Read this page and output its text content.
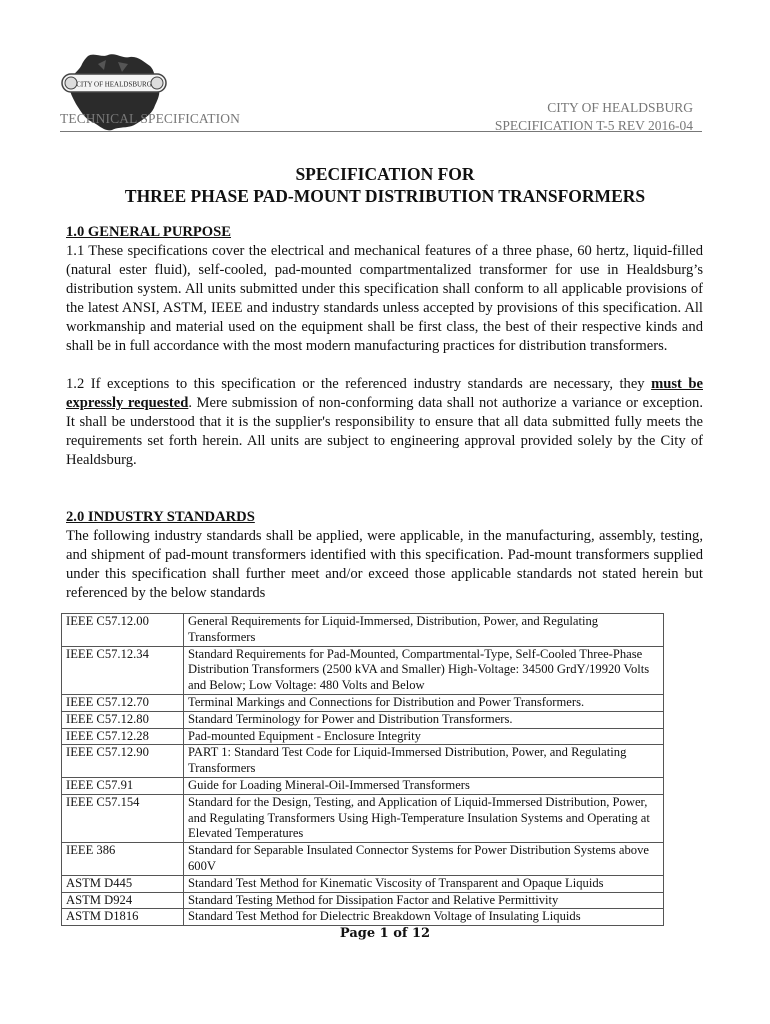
CITY OF HEALDSBURG
TECHNICAL SPECIFICATION
CITY OF HEALDSBURG
SPECIFICATION T-5 REV 2016-04
SPECIFICATION FOR
THREE PHASE PAD-MOUNT DISTRIBUTION TRANSFORMERS
1.0 GENERAL PURPOSE
1.1 These specifications cover the electrical and mechanical features of a three phase, 60 hertz, liquid-filled (natural ester fluid), self-cooled, pad-mounted compartmentalized transformer for use in Healdsburg’s distribution system. All units submitted under this specification shall conform to all applicable provisions of the latest ANSI, ASTM, IEEE and industry standards unless accepted by provisions of this specification. All workmanship and material used on the equipment shall be first class, the best of their respective kinds and shall be in full accordance with the most modern manufacturing practices for distribution transformers.
1.2 If exceptions to this specification or the referenced industry standards are necessary, they must be expressly requested. Mere submission of non-conforming data shall not authorize a variance or exception. It shall be understood that it is the supplier's responsibility to ensure that all data submitted fully meets the requirements set forth herein. All units are subject to engineering approval provided solely by the City of Healdsburg.
2.0 INDUSTRY STANDARDS
The following industry standards shall be applied, were applicable, in the manufacturing, assembly, testing, and shipment of pad-mount transformers identified with this specification. Pad-mount transformers supplied under this specification shall further meet and/or exceed those applicable standards not stated herein but referenced by the below standards
IEEE C57.12.00	General Requirements for Liquid-Immersed, Distribution, Power, and Regulating Transformers
IEEE C57.12.34	Standard Requirements for Pad-Mounted, Compartmental-Type, Self-Cooled Three-Phase Distribution Transformers (2500 kVA and Smaller) High-Voltage: 34500 GrdY/19920 Volts and Below; Low Voltage: 480 Volts and Below
IEEE C57.12.70	Terminal Markings and Connections for Distribution and Power Transformers.
IEEE C57.12.80	Standard Terminology for Power and Distribution Transformers.
IEEE C57.12.28	Pad-mounted Equipment - Enclosure Integrity
IEEE C57.12.90	PART 1: Standard Test Code for Liquid-Immersed Distribution, Power, and Regulating Transformers
IEEE C57.91	Guide for Loading Mineral-Oil-Immersed Transformers
IEEE C57.154	Standard for the Design, Testing, and Application of Liquid-Immersed Distribution, Power, and Regulating Transformers Using High-Temperature Insulation Systems and Operating at Elevated Temperatures
IEEE 386	Standard for Separable Insulated Connector Systems for Power Distribution Systems above 600V
ASTM D445	Standard Test Method for Kinematic Viscosity of Transparent and Opaque Liquids
ASTM D924	Standard Testing Method for Dissipation Factor and Relative Permittivity
ASTM D1816	Standard Test Method for Dielectric Breakdown Voltage of Insulating Liquids
Page 1 of 12
